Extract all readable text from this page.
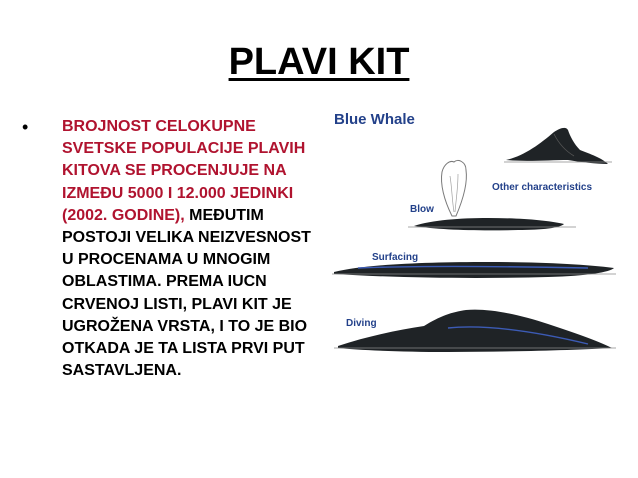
PLAVI KIT
• BROJNOST CELOKUPNE SVETSKE POPULACIJE PLAVIH KITOVA SE PROCENJUJE NA IZMEĐU 5000 I 12.000 JEDINKI (2002. GODINE), MEĐUTIM POSTOJI VELIKA NEIZVESNOST U PROCENAMA U MNOGIM OBLASTIMA. PREMA IUCN CRVENOJ LISTI, PLAVI KIT JE UGROŽENA VRSTA, I TO JE BIO OTKADA JE TA LISTA PRVI PUT SASTAVLJENA.
Blue Whale
Other characteristics
Blow
Surfacing
Diving
